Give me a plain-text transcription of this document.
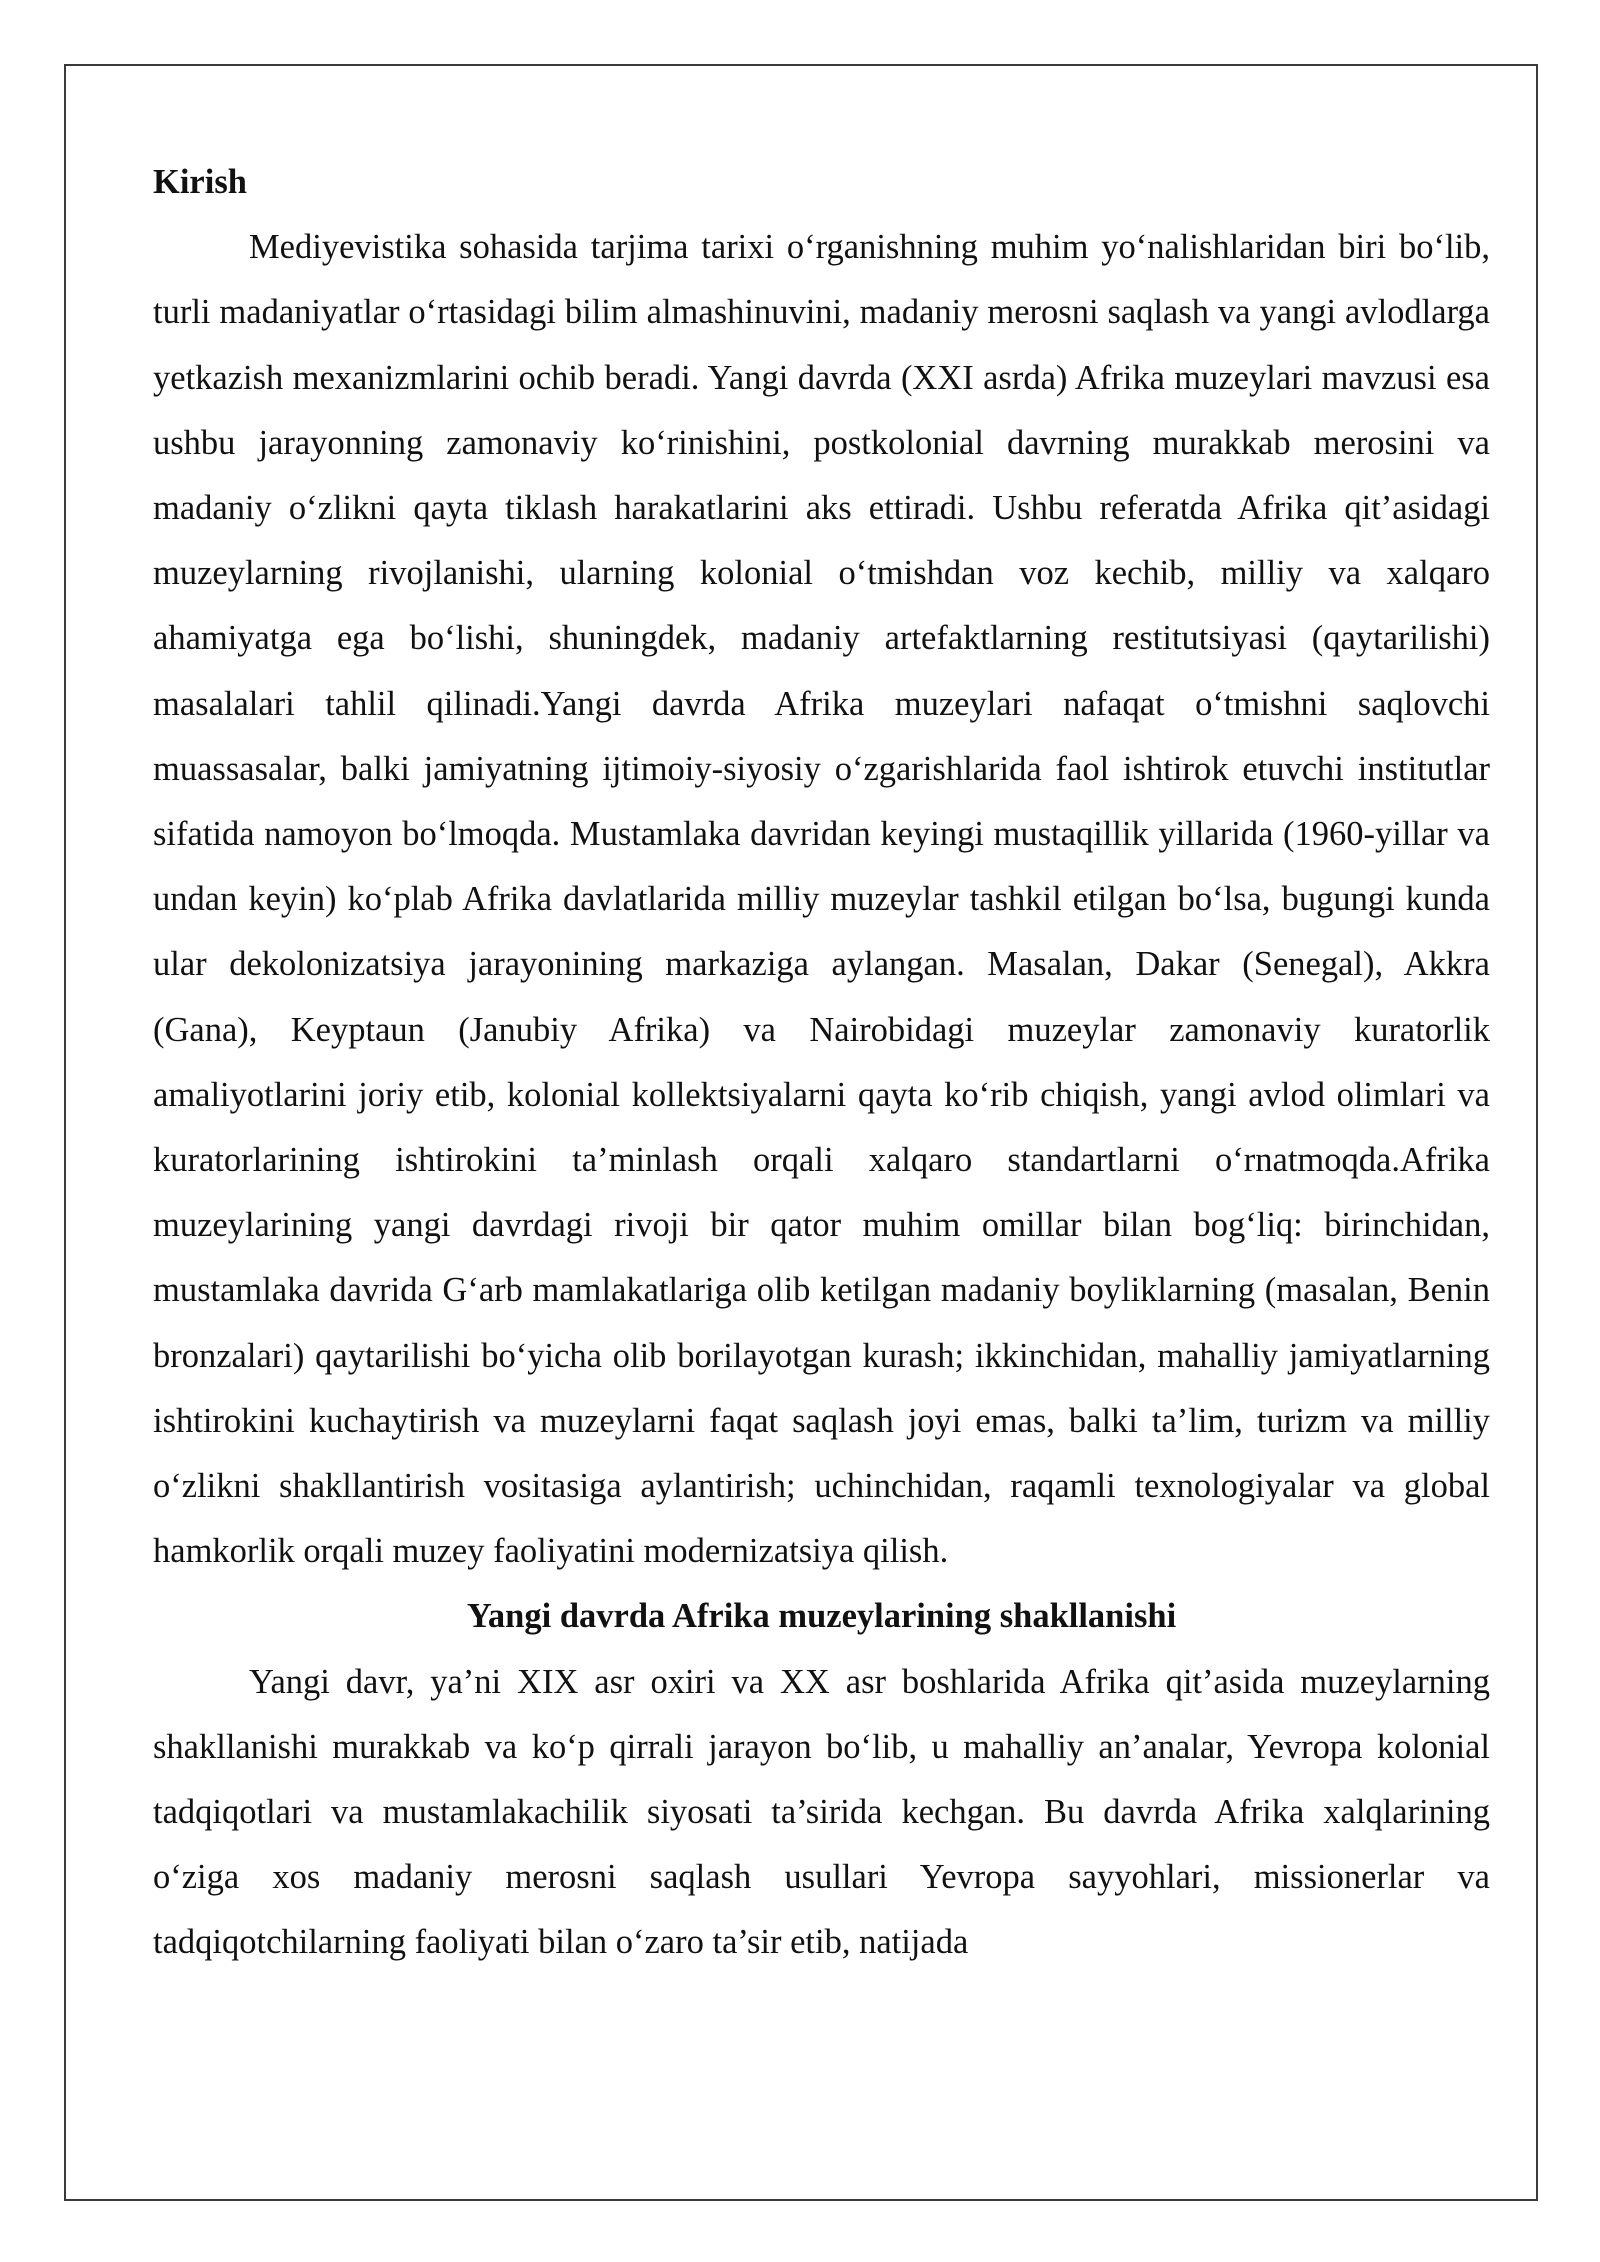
Kirish

Mediyevistika sohasida tarjima tarixi o‘rganishning muhim yo‘nalishlaridan biri bo‘lib, turli madaniyatlar o‘rtasidagi bilim almashinuvini, madaniy merosni saqlash va yangi avlodlarga yetkazish mexanizmlarini ochib beradi. Yangi davrda (XXI asrda) Afrika muzeylari mavzusi esa ushbu jarayonning zamonaviy ko‘rinishini, postkolonial davrning murakkab merosini va madaniy o‘zlikni qayta tiklash harakatlarini aks ettiradi. Ushbu referatda Afrika qit’asidagi muzeylarning rivojlanishi, ularning kolonial o‘tmishdan voz kechib, milliy va xalqaro ahamiyatga ega bo‘lishi, shuningdek, madaniy artefaktlarning restitutsiyasi (qaytarilishi) masalalari tahlil qilinadi.Yangi davrda Afrika muzeylari nafaqat o‘tmishni saqlovchi muassasalar, balki jamiyatning ijtimoiy-siyosiy o‘zgarishlarida faol ishtirok etuvchi institutlar sifatida namoyon bo‘lmoqda. Mustamlaka davridan keyingi mustaqillik yillarida (1960-yillar va undan keyin) ko‘plab Afrika davlatlarida milliy muzeylar tashkil etilgan bo‘lsa, bugungi kunda ular dekolonizatsiya jarayonining markaziga aylangan. Masalan, Dakar (Senegal), Akkra (Gana), Keyptaun (Janubiy Afrika) va Nairobidagi muzeylar zamonaviy kuratorlik amaliyotlarini joriy etib, kolonial kollektsiyalarni qayta ko‘rib chiqish, yangi avlod olimlari va kuratorlarining ishtirokini ta’minlash orqali xalqaro standartlarni o‘rnatmoqda.Afrika muzeylarining yangi davrdagi rivoji bir qator muhim omillar bilan bog‘liq: birinchidan, mustamlaka davrida G‘arb mamlakatlariga olib ketilgan madaniy boyliklarning (masalan, Benin bronzalari) qaytarilishi bo‘yicha olib borilayotgan kurash; ikkinchidan, mahalliy jamiyatlarning ishtirokini kuchaytirish va muzeylarni faqat saqlash joyi emas, balki ta’lim, turizm va milliy o‘zlikni shakllantirish vositasiga aylantirish; uchinchidan, raqamli texnologiyalar va global hamkorlik orqali muzey faoliyatini modernizatsiya qilish.

Yangi davrda Afrika muzeylarining shakllanishi

Yangi davr, ya’ni XIX asr oxiri va XX asr boshlarida Afrika qit’asida muzeylarning shakllanishi murakkab va ko‘p qirrali jarayon bo‘lib, u mahalliy an’analar, Yevropa kolonial tadqiqotlari va mustamlakachilik siyosati ta’sirida kechgan. Bu davrda Afrika xalqlarining o‘ziga xos madaniy merosni saqlash usullari Yevropa sayyohlari, missionerlar va tadqiqotchilarning faoliyati bilan o‘zaro ta’sir etib, natijada
